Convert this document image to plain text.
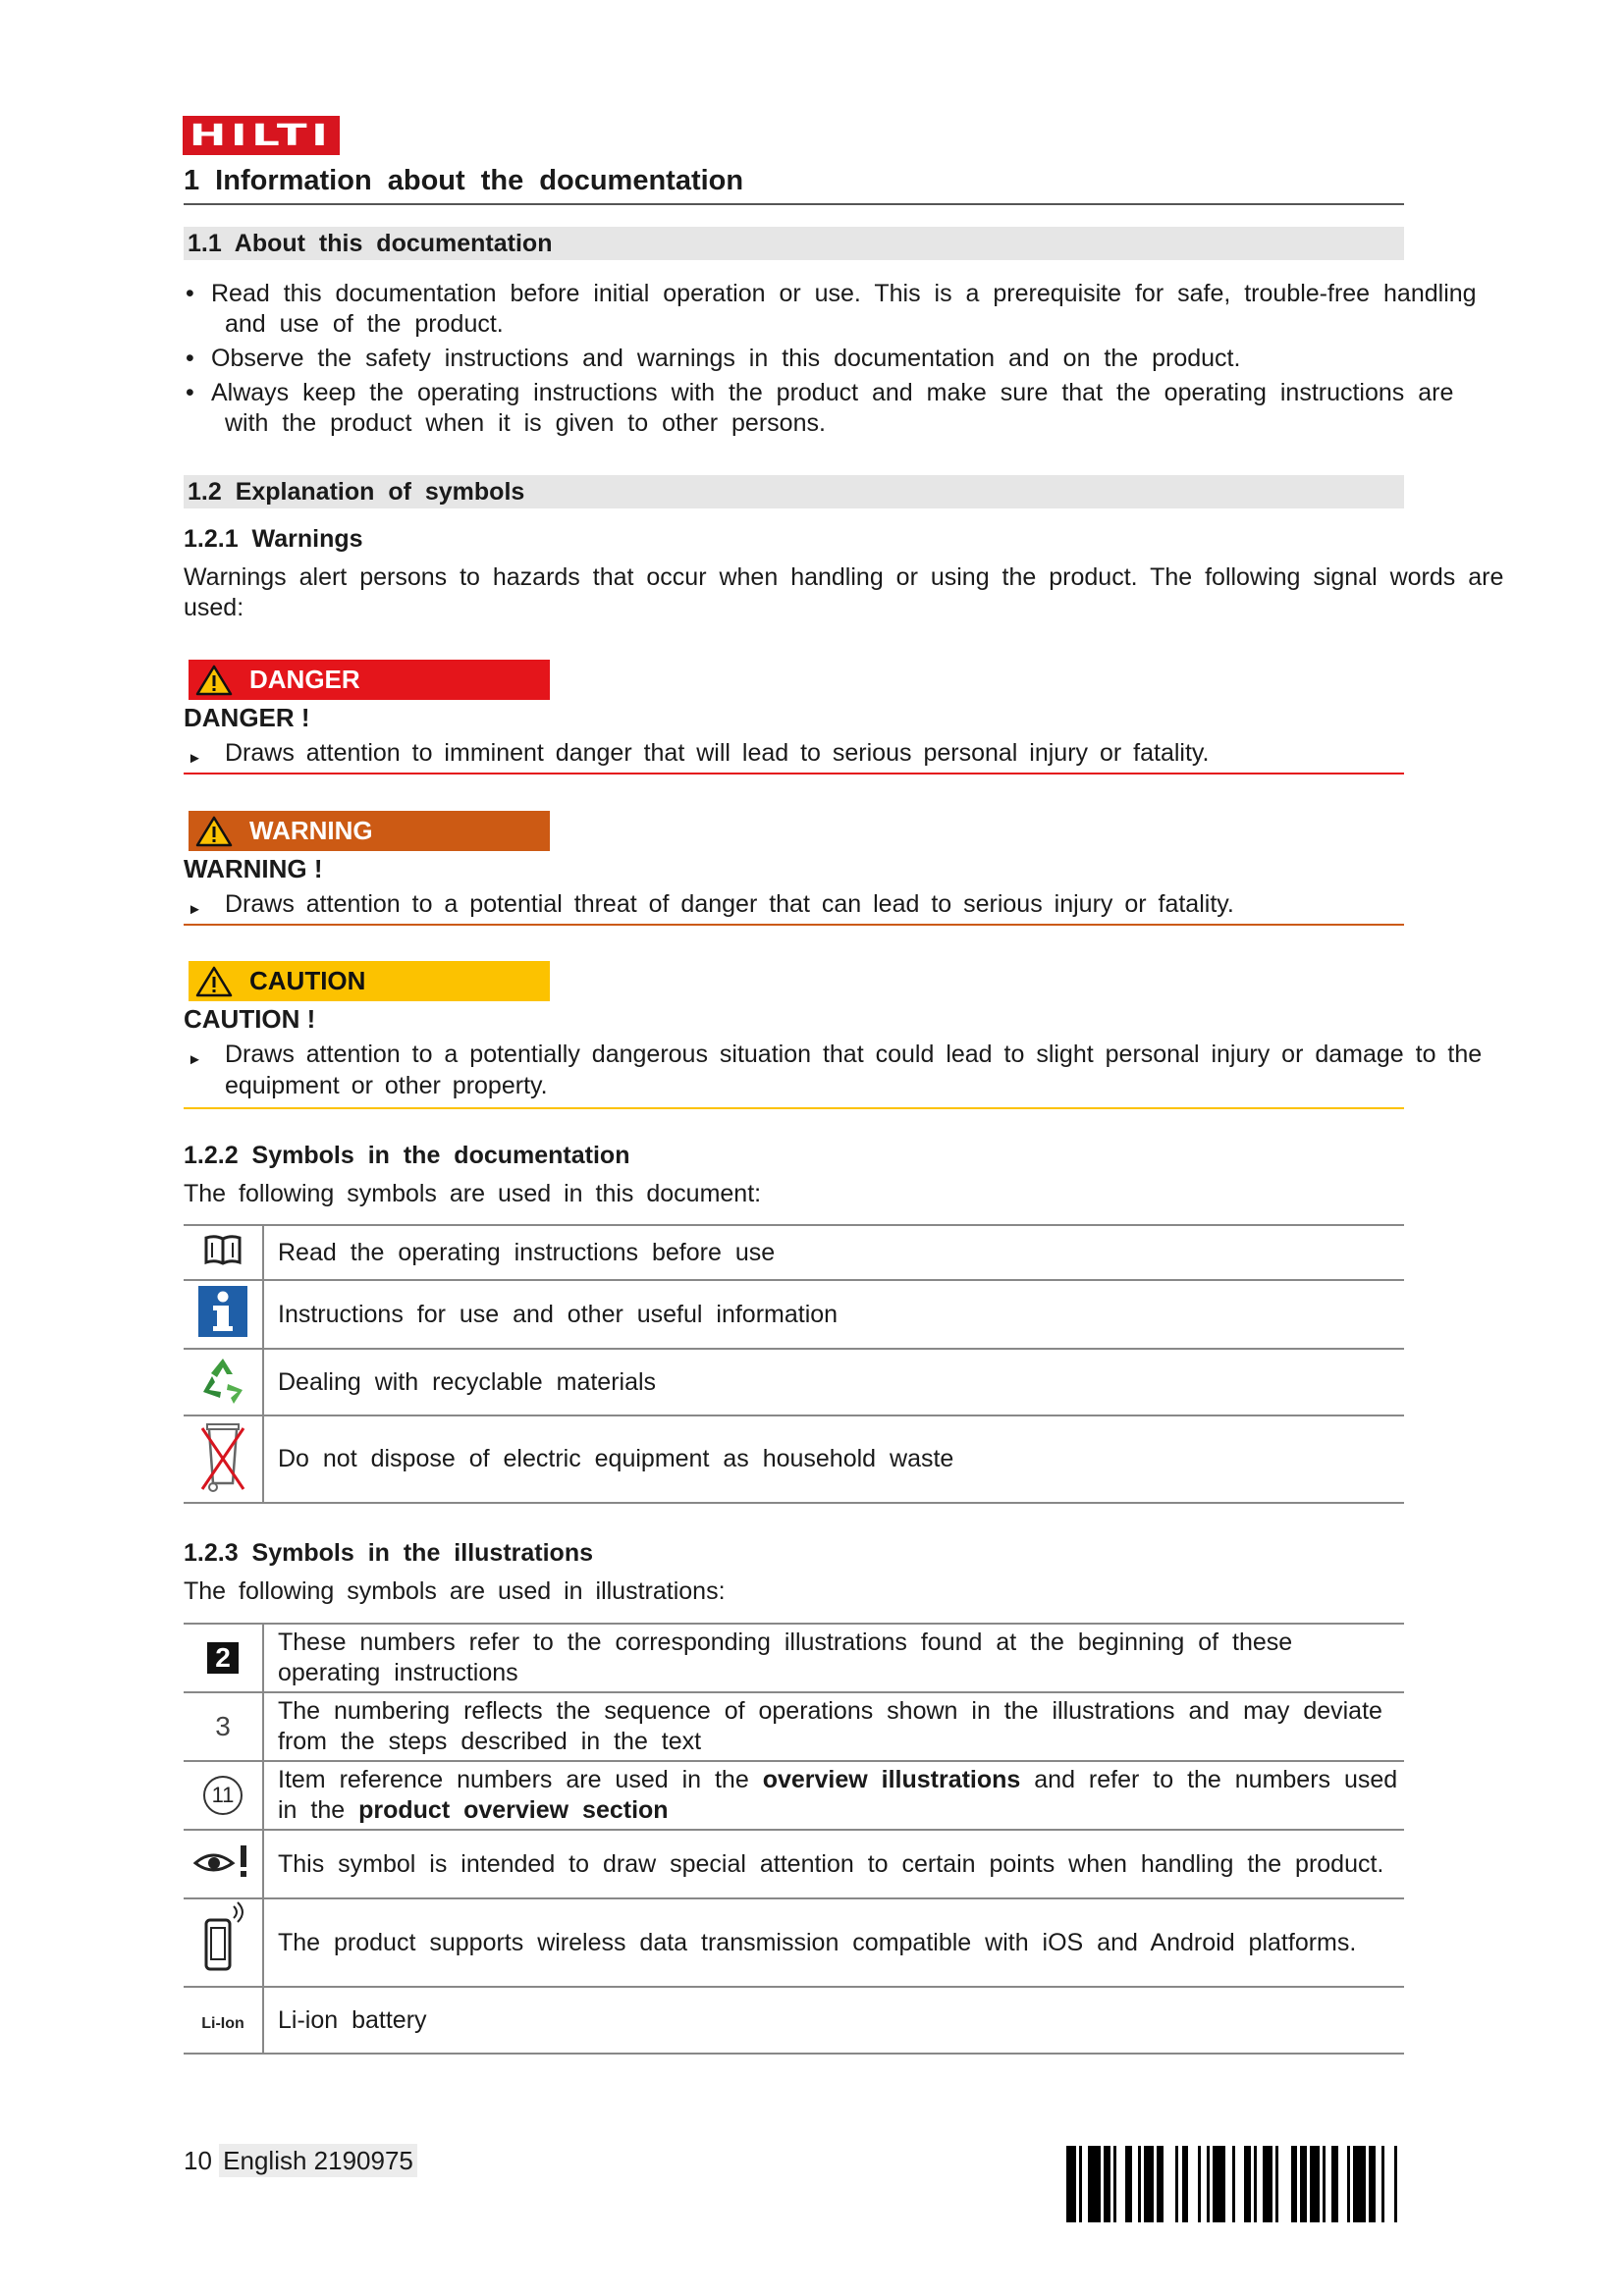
HILTI
1 Information about the documentation
1.1 About this documentation
• Read this documentation before initial operation or use. This is a prerequisite for safe, trouble-free handling and use of the product.
• Observe the safety instructions and warnings in this documentation and on the product.
• Always keep the operating instructions with the product and make sure that the operating instructions are with the product when it is given to other persons.
1.2 Explanation of symbols
1.2.1 Warnings
Warnings alert persons to hazards that occur when handling or using the product. The following signal words are used:
DANGER
DANGER !
► Draws attention to imminent danger that will lead to serious personal injury or fatality.
WARNING
WARNING !
► Draws attention to a potential threat of danger that can lead to serious injury or fatality.
CAUTION
CAUTION !
► Draws attention to a potentially dangerous situation that could lead to slight personal injury or damage to the equipment or other property.
1.2.2 Symbols in the documentation
The following symbols are used in this document:
	Read the operating instructions before use
	Instructions for use and other useful information
	Dealing with recyclable materials
	Do not dispose of electric equipment as household waste
1.2.3 Symbols in the illustrations
The following symbols are used in illustrations:
2	These numbers refer to the corresponding illustrations found at the beginning of these operating instructions
3	The numbering reflects the sequence of operations shown in the illustrations and may deviate from the steps described in the text
11	Item reference numbers are used in the overview illustrations and refer to the numbers used in the product overview section
	This symbol is intended to draw special attention to certain points when handling the product.
	The product supports wireless data transmission compatible with iOS and Android platforms.
Li-Ion	Li-ion battery
10 English 2190975
